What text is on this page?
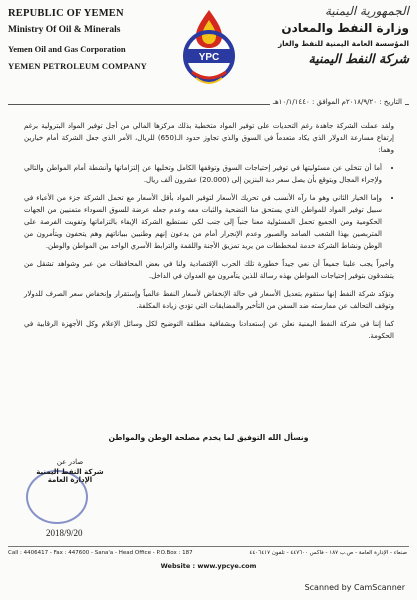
REPUBLIC OF YEMEN
Ministry Of Oil & Minerals
Yemen Oil and Gas Corporation
YEMEN PETROLEUM COMPANY
YPC
الجمهورية اليمنية
وزارة النفط والمعادن
المؤسسة العامة اليمنية للنفط والغاز
شركة النفط اليمنية
التاريخ : ٢٠١٨/٩/٢٠م الموافق : ١٠/١/١٤٤٠هـ

ولقد عملت الشركة جاهدة رغم التحديات على توفير المواد متخطية بذلك مركزها المالي من أجل توفير المواد البترولية برغم إرتفاع مسارعة الدولار الذي يكاد متعدماً في السوق والذي تجاوز حدود الـ(650) للريال، الأمر الذي جعل الشركة أمام خيارين وهما:

• أما أن تتخلى عن مسئوليتها في توفير إحتياجات السوق وتوقفها الكامل وتخليها عن إلتزاماتها وأنشطة أمام المواطن والتالي ولإجراء المجال ويتوقع بأن يصل سعر دبة البنزين إلى (20.000) عشرون ألف ريال.
• وإما الخيار الثاني وهو ما رآه الأنسب في تحريك الأسعار لتوفير المواد بأقل الأسعار مع تحمل الشركة جزء من الأعباء في سبيل توفير المواد للمواطن الذي يستحق منا التضحية والثبات معه وعدم جعله عرضة للسوق السوداء متمنيين من الجهات الحكومية ومن الجميع تحمل المسئولية معنا جنباً إلى جنب لكي نستطيع الشركة الإيفاء بالتزاماتها وتفويت الفرصة على المتربصين بهذا الشعب الصامد والصبور وعدم الإنجرار أمام من يدعون إنهم وطنيين ببياناتهم وهم يتحفون ويتأمرون من الوطن ونشاط الشركة خدمة لمخططات من يريد تمزيق الأجنة واللقمة والترابط الأسري الواحد بين المواطن والوطن.

وأخيراً يجب علينا جميعاً أن نعي جيداً خطورة تلك الحرب الإقتصادية ولنا في بعض المحافظات من عبر وشواهد تشقل من يتشدقون بتوفير إحتياجات المواطن بهذه رسالة للذين يتآمرون مع العدوان في الداخل.

وتؤكد شركة النفط إنها ستقوم بتعديل الأسعار في حالة الإنخفاض لأسعار النفط عالمياً وإستقرار وإنخفاض سعر الصرف للدولار وتوقف التحالف عن ممارسته ضد السفن من التأخير والمضايقات التي تؤدي زيادة المكلفة.

كما إننا في شركة النفط اليمنية نعلن عن إستعدادنا وبشفافية مطلقة التوضيح لكل وسائل الإعلام وكل الأجهزة الرقابية في الحكومة.

ونسأل الله التوفيق لما يخدم مصلحة الوطن والمواطن
صادر عن
شركة النفط اليمنية
الإدارة العامة
2018/9/20
Call : 4406417 - Fax : 447600 - Sana'a - Head Office - P.O.Box : 187	صنعاء - الإدارة العامة - ص.ب ١٨٧ - فاكس ٤٤٧٦٠٠ - تلفون ٤٤٠٦٤١٧
Website : www.ypcye.com
Scanned by CamScanner
